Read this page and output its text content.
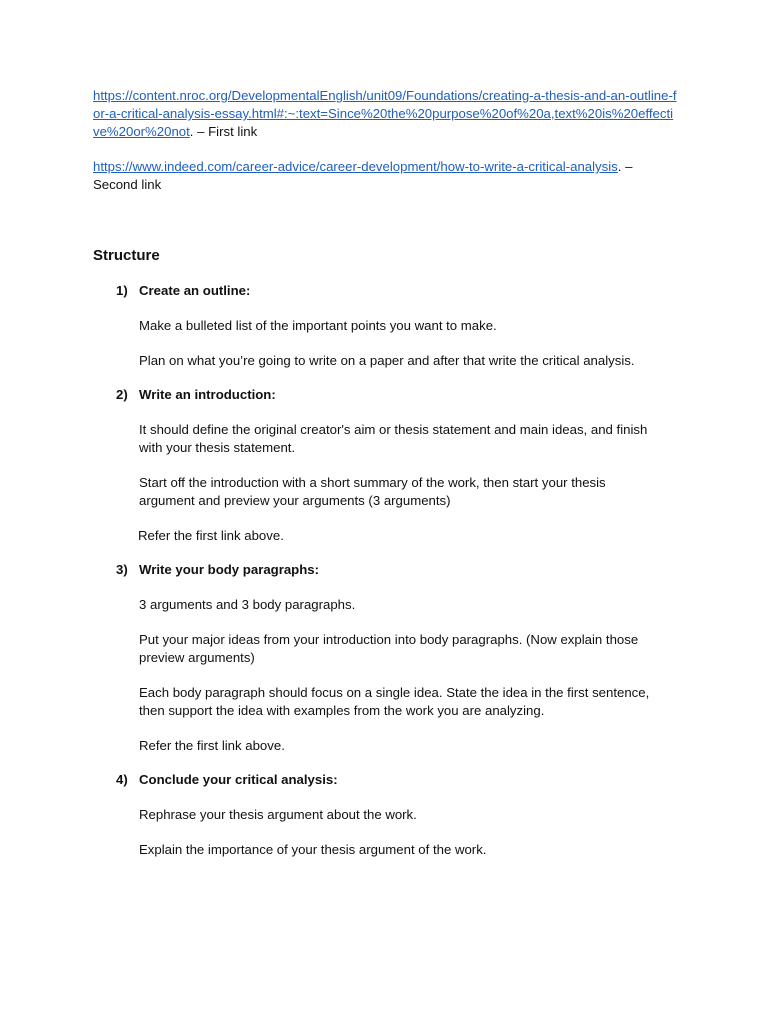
https://content.nroc.org/DevelopmentalEnglish/unit09/Foundations/creating-a-thesis-and-an-outline-for-a-critical-analysis-essay.html#:~:text=Since%20the%20purpose%20of%20a,text%20is%20effective%20or%20not. – First link

https://www.indeed.com/career-advice/career-development/how-to-write-a-critical-analysis. – Second link

Structure
1) Create an outline:

Make a bulleted list of the important points you want to make.

Plan on what you’re going to write on a paper and after that write the critical analysis.

2) Write an introduction:

It should define the original creator's aim or thesis statement and main ideas, and finish with your thesis statement.

Start off the introduction with a short summary of the work, then start your thesis argument and preview your arguments (3 arguments)

Refer the first link above.

3) Write your body paragraphs:

3 arguments and 3 body paragraphs.

Put your major ideas from your introduction into body paragraphs. (Now explain those preview arguments)

Each body paragraph should focus on a single idea. State the idea in the first sentence, then support the idea with examples from the work you are analyzing.

Refer the first link above.

4) Conclude your critical analysis:

Rephrase your thesis argument about the work.

Explain the importance of your thesis argument of the work.
